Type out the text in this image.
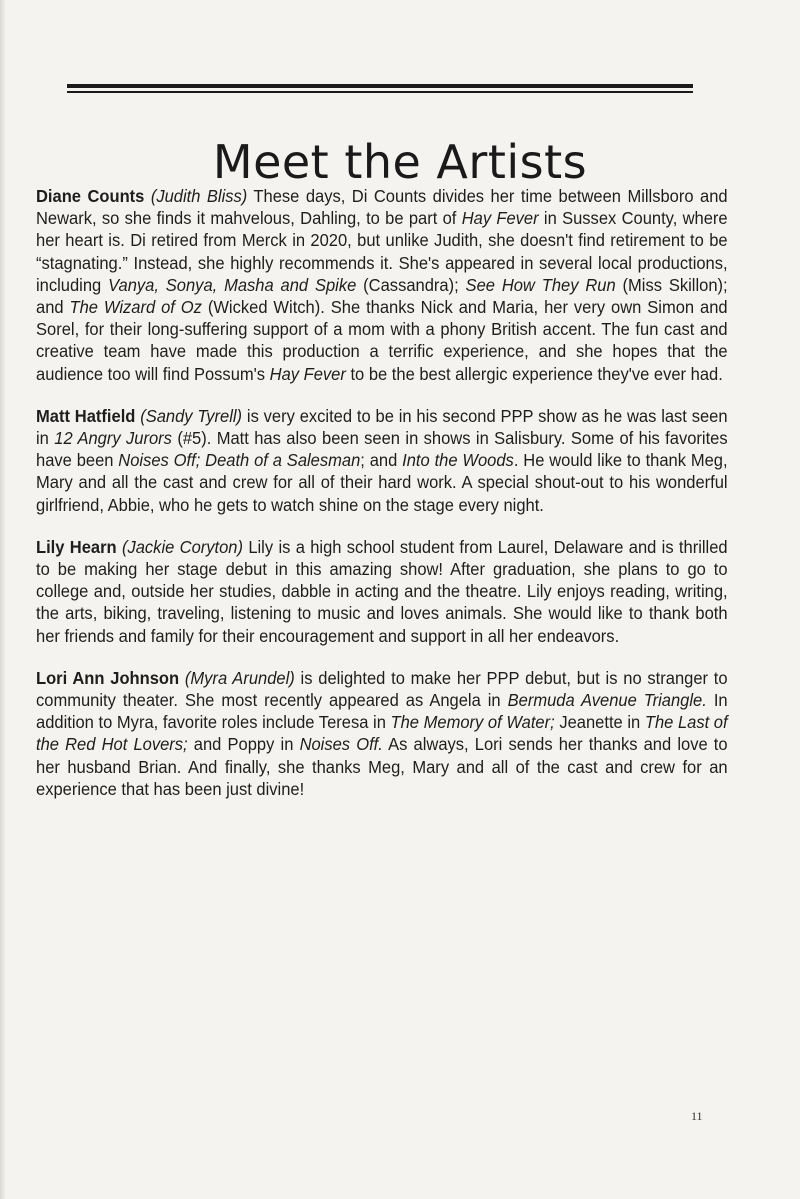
Meet the Artists

Diane Counts (Judith Bliss) These days, Di Counts divides her time between Millsboro and Newark, so she finds it mahvelous, Dahling, to be part of Hay Fever in Sussex County, where her heart is. Di retired from Merck in 2020, but unlike Judith, she doesn't find retirement to be “stagnating.” Instead, she highly recommends it. She's appeared in several local productions, including Vanya, Sonya, Masha and Spike (Cassandra); See How They Run (Miss Skillon); and The Wizard of Oz (Wicked Witch). She thanks Nick and Maria, her very own Simon and Sorel, for their long-suffering support of a mom with a phony British accent. The fun cast and creative team have made this production a terrific experience, and she hopes that the audience too will find Possum's Hay Fever to be the best allergic experience they've ever had.

Matt Hatfield (Sandy Tyrell) is very excited to be in his second PPP show as he was last seen in 12 Angry Jurors (#5). Matt has also been seen in shows in Salisbury. Some of his favorites have been Noises Off; Death of a Salesman; and Into the Woods. He would like to thank Meg, Mary and all the cast and crew for all of their hard work. A special shout-out to his wonderful girlfriend, Abbie, who he gets to watch shine on the stage every night.

Lily Hearn (Jackie Coryton) Lily is a high school student from Laurel, Delaware and is thrilled to be making her stage debut in this amazing show! After graduation, she plans to go to college and, outside her studies, dabble in acting and the theatre. Lily enjoys reading, writing, the arts, biking, traveling, listening to music and loves animals. She would like to thank both her friends and family for their encouragement and support in all her endeavors.

Lori Ann Johnson (Myra Arundel) is delighted to make her PPP debut, but is no stranger to community theater. She most recently appeared as Angela in Bermuda Avenue Triangle. In addition to Myra, favorite roles include Teresa in The Memory of Water; Jeanette in The Last of the Red Hot Lovers; and Poppy in Noises Off. As always, Lori sends her thanks and love to her husband Brian. And finally, she thanks Meg, Mary and all of the cast and crew for an experience that has been just divine!

11
